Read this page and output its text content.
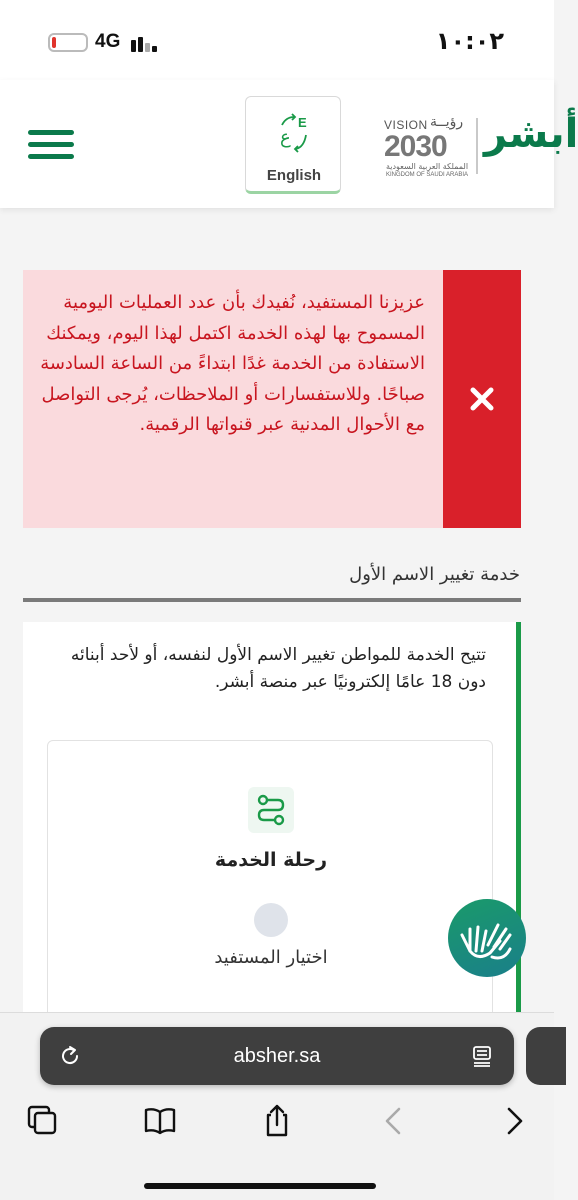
4G	١٠:٠٢
E
ع
English
VISION رؤيــة
2030
المملكة العربية السعودية
KINGDOM OF SAUDI ARABIA
أبشر

عزيزنا المستفيد، نُفيدك بأن عدد العمليات اليومية المسموح بها لهذه الخدمة اكتمل لهذا اليوم، ويمكنك الاستفادة من الخدمة غدًا ابتداءً من الساعة السادسة صباحًا. وللاستفسارات أو الملاحظات، يُرجى التواصل مع الأحوال المدنية عبر قنواتها الرقمية.

خدمة تغيير الاسم الأول

تتيح الخدمة للمواطن تغيير الاسم الأول لنفسه، أو لأحد أبنائه دون 18 عامًا إلكترونيًا عبر منصة أبشر.

رحلة الخدمة
اختيار المستفيد
absher.sa
